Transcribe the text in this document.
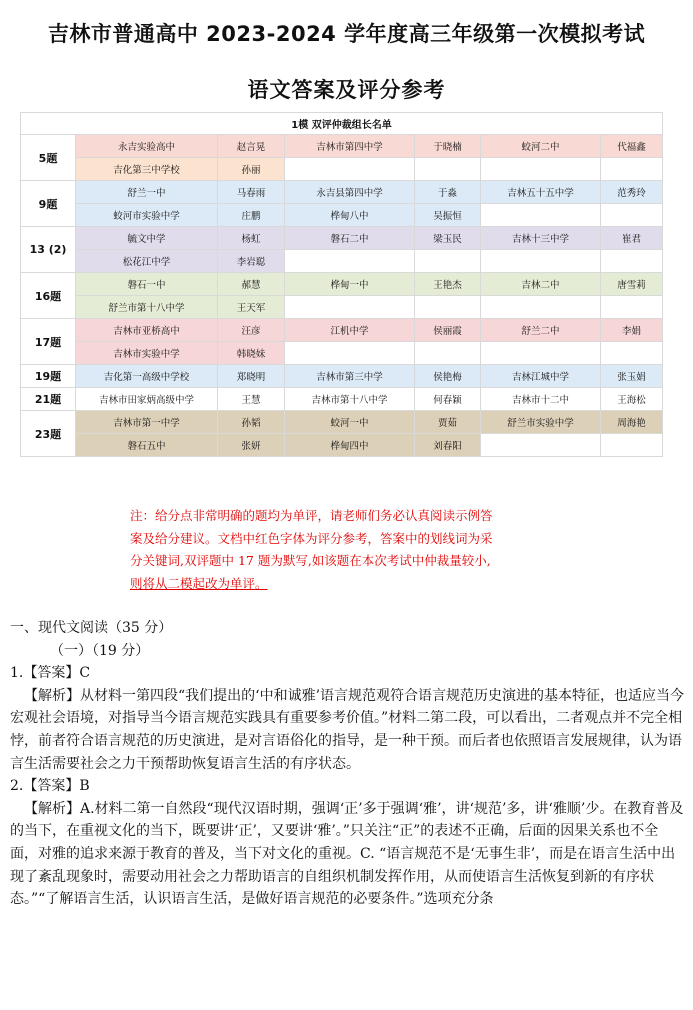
吉林市普通高中 2023-2024 学年度高三年级第一次模拟考试
语文答案及评分参考
1模 双评仲裁组长名单						
5题	永吉实验高中	赵言晃	吉林市第四中学	于晓楠	蛟河二中	代福鑫
	吉化第三中学校	孙丽				
9题	舒兰一中	马春雨	永吉县第四中学	于淼	吉林五十五中学	范秀玲
	蛟河市实验中学	庄鹏	桦甸八中	吴振恒		
13 (2)	毓文中学	杨虹	磐石二中	梁玉民	吉林十三中学	崔君
	松花江中学	李岩聪				
16题	磐石一中	郝慧	桦甸一中	王艳杰	吉林二中	唐雪莉
	舒兰市第十八中学	王天军				
17题	吉林市亚桥高中	汪彦	江机中学	侯丽霞	舒兰二中	李娟
	吉林市实验中学	韩晓妹				
19题	吉化第一高级中学校	郑晓明	吉林市第三中学	侯艳梅	吉林江城中学	张玉娟
21题	吉林市田家炳高级中学	王慧	吉林市第十八中学	何春颖	吉林市十二中	王海松
23题	吉林市第一中学	孙韬	蛟河一中	贾茹	舒兰市实验中学	周海艳
	磐石五中	张妍	桦甸四中	刘春阳		
注：给分点非常明确的题均为单评，请老师们务必认真阅读示例答
案及给分建议。文档中红色字体为评分参考，答案中的划线词为采
分关键词,双评题中 17 题为默写,如该题在本次考试中仲裁量较小,
则将从二模起改为单评。

一、现代文阅读（35 分）

（一）（19 分）

1.【答案】C

【解析】从材料一第四段“我们提出的‘中和诚雅’语言规范观符合语言规范历史演进的基本特征，也适应当今宏观社会语境，对指导当今语言规范实践具有重要参考价值。”材料二第二段，可以看出，二者观点并不完全相悖，前者符合语言规范的历史演进，是对言语俗化的指导，是一种干预。而后者也依照语言发展规律，认为语言生活需要社会之力干预帮助恢复语言生活的有序状态。

2.【答案】B

【解析】A.材料二第一自然段“现代汉语时期，强调‘正’多于强调‘雅’，讲‘规范’多，讲‘雅顺’少。在教育普及的当下，在重视文化的当下，既要讲‘正’，又要讲‘雅’。”只关注“正”的表述不正确，后面的因果关系也不全面，对雅的追求来源于教育的普及，当下对文化的重视。C. “语言规范不是‘无事生非’，而是在语言生活中出现了紊乱现象时，需要动用社会之力帮助语言的自组织机制发挥作用，从而使语言生活恢复到新的有序状态。”“了解语言生活，认识语言生活，是做好语言规范的必要条件。”选项充分条
